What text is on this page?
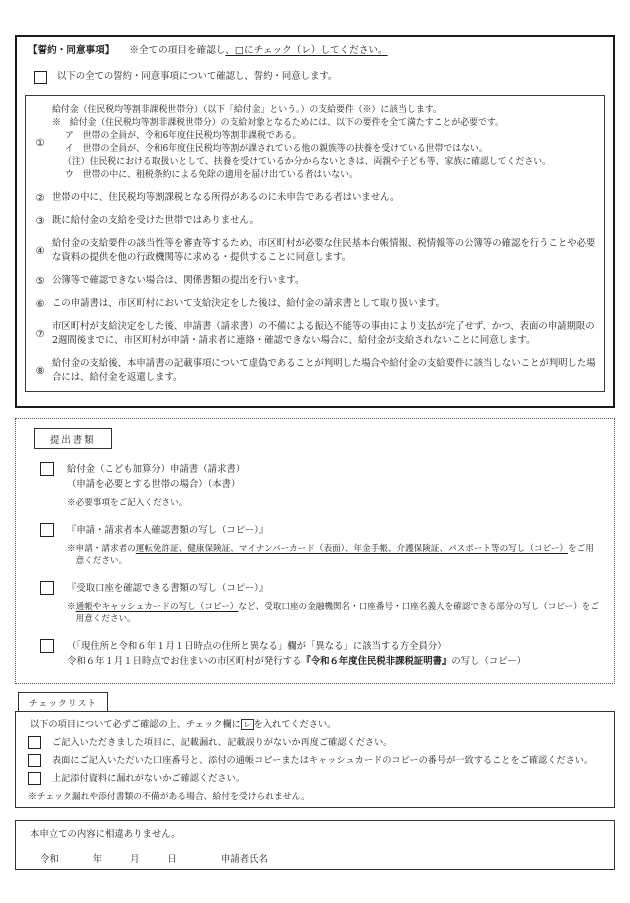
【誓約・同意事項】 ※全ての項目を確認し、□にチェック（レ）してください。
以下の全ての誓約・同意事項について確認し、誓約・同意します。
①
給付金（住民税均等割非課税世帯分）（以下「給付金」という。）の支給要件（※）に該当します。
※　給付金（住民税均等割非課税世帯分）の支給対象となるためには、以下の要件を全て満たすことが必要です。
ア　世帯の全員が、令和6年度住民税均等割非課税である。
イ　世帯の全員が、令和6年度住民税均等割が課されている他の親族等の扶養を受けている世帯ではない。
（注）住民税における取扱いとして、扶養を受けているか分からないときは、両親や子ども等、家族に確認してください。
ウ　世帯の中に、租税条約による免除の適用を届け出ている者はいない。
② 世帯の中に、住民税均等割課税となる所得があるのに未申告である者はいません。
③ 既に給付金の支給を受けた世帯ではありません。
④
給付金の支給要件の該当性等を審査等するため、市区町村が必要な住民基本台帳情報、税情報等の公簿等の確認を行うことや必要な資料の提供を他の行政機関等に求める・提供することに同意します。
⑤ 公簿等で確認できない場合は、関係書類の提出を行います。
⑥ この申請書は、市区町村において支給決定をした後は、給付金の請求書として取り扱います。
⑦
市区町村が支給決定をした後、申請書（請求書）の不備による振込不能等の事由により支払が完了せず、かつ、表面の申請期限の2週間後までに、市区町村が申請・請求者に連絡・確認できない場合に、給付金が支給されないことに同意します。
⑧
給付金の支給後、本申請書の記載事項について虚偽であることが判明した場合や給付金の支給要件に該当しないことが判明した場合には、給付金を返還します。
提出書類
給付金（こども加算分）申請書（請求書）
（申請を必要とする世帯の場合）（本書）
※必要事項をご記入ください。
『申請・請求者本人確認書類の写し（コピー）』
※申請・請求者の運転免許証、健康保険証、マイナンバーカード（表面）、年金手帳、介護保険証、パスポート等の写し（コピー）をご用意ください。
『受取口座を確認できる書類の写し（コピー）』
※通帳やキャッシュカードの写し（コピー）など、受取口座の金融機関名・口座番号・口座名義人を確認できる部分の写し（コピー）をご用意ください。
（「現住所と令和６年１月１日時点の住所と異なる」欄が「異なる」に該当する方全員分）
令和６年１月１日時点でお住まいの市区町村が発行する『令和６年度住民税非課税証明書』の写し（コピー）
チェックリスト
以下の項目について必ずご確認の上、チェック欄に レ を入れてください。
ご記入いただきました項目に、記載漏れ、記載誤りがないか再度ご確認ください。
表面にご記入いただいた口座番号と、添付の通帳コピーまたはキャッシュカードのコピーの番号が一致することをご確認ください。
上記添付資料に漏れがないかご確認ください。
※チェック漏れや添付書類の不備がある場合、給付を受けられません。
本申立ての内容に相違ありません。
令和	年	月	日	申請者氏名
